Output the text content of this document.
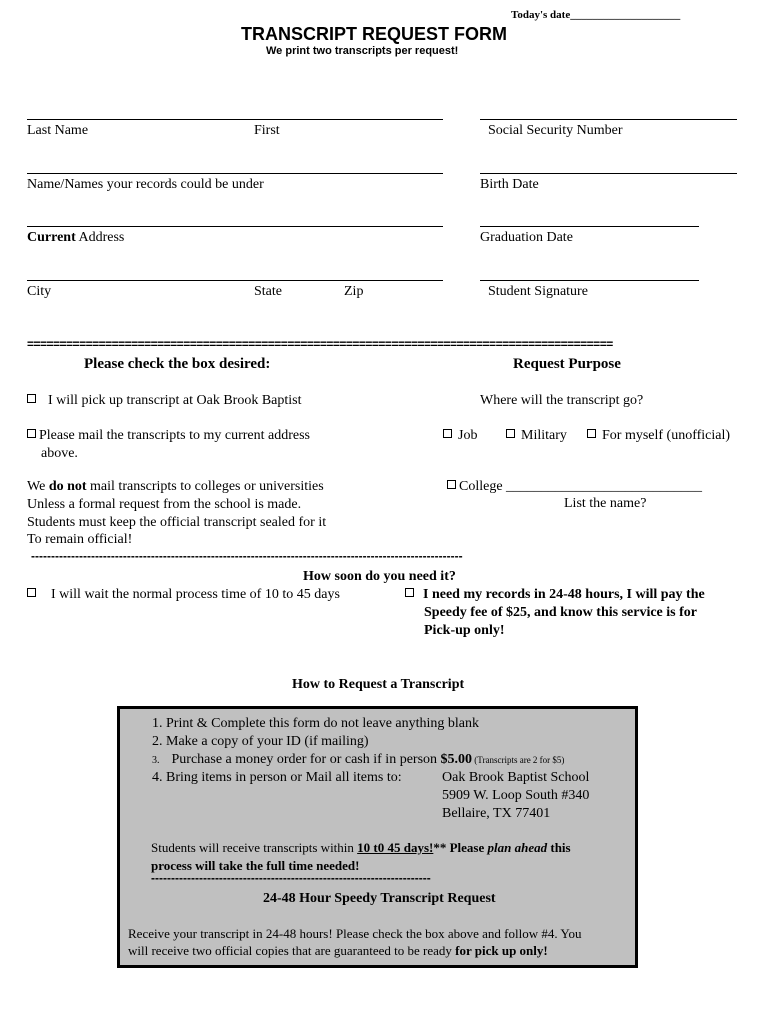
Today's date____________________
TRANSCRIPT REQUEST FORM
We print two transcripts per request!
Last Name	First	Social Security Number
Name/Names your records could be under	Birth Date
Current Address	Graduation Date
City	State	Zip	Student Signature
==========================================================================================
Please check the box desired:
I will pick up transcript at Oak Brook Baptist
Please mail the transcripts to my current address
above.
We do not mail transcripts to colleges or universities
Unless a formal request from the school is made.
Students must keep the official transcript sealed for it
To remain official!
Request Purpose
Where will the transcript go?
Job	Military	For myself (unofficial)
College ____________________________
List the name?
------------------------------------------------------------------------------------------------------------
How soon do you need it?
I will wait the normal process time of 10 to 45 days	I need my records in 24-48 hours, I will pay the
Speedy fee of $25, and know this service is for
Pick-up only!
How to Request a Transcript
1. Print & Complete this form do not leave anything blank
2. Make a copy of your ID (if mailing)
3. Purchase a money order for or cash if in person $5.00 (Transcripts are 2 for $5)
4. Bring items in person or Mail all items to:	Oak Brook Baptist School
5909 W. Loop South #340
Bellaire, TX 77401
Students will receive transcripts within 10 t0 45 days!** Please plan ahead this
process will take the full time needed!
----------------------------------------------------------------------
24-48 Hour Speedy Transcript Request
Receive your transcript in 24-48 hours! Please check the box above and follow #4. You
will receive two official copies that are guaranteed to be ready for pick up only!
